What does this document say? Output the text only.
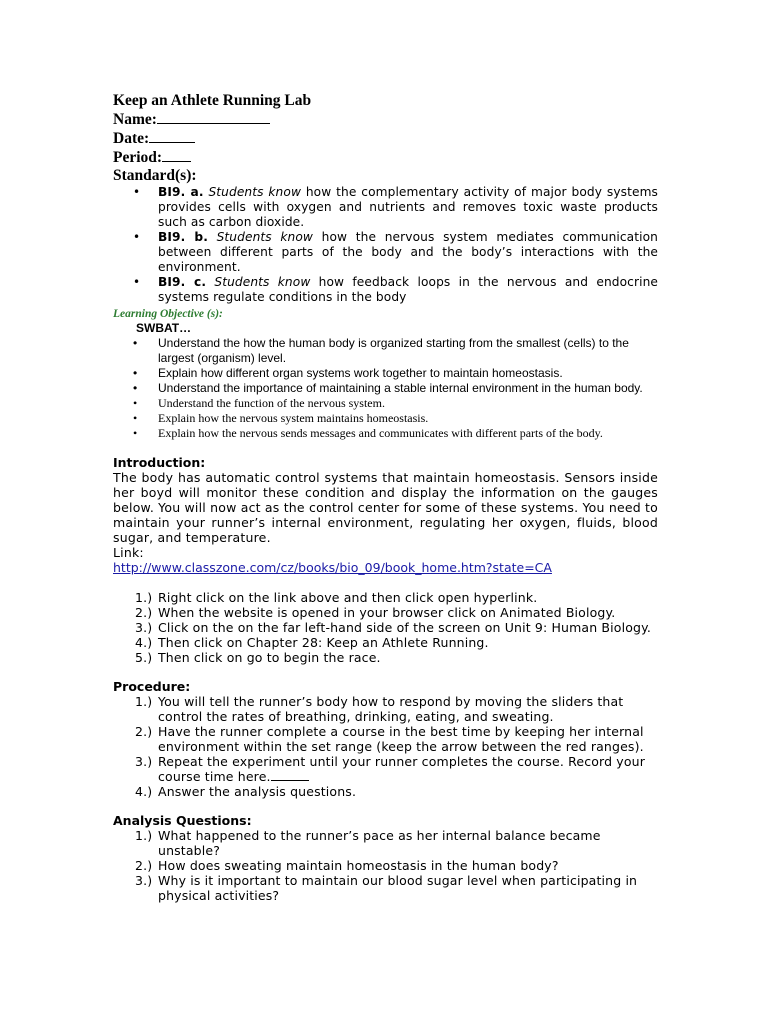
Keep an Athlete Running Lab
Name:
Date:
Period:
Standard(s):
• BI9. a. Students know how the complementary activity of major body systems provides cells with oxygen and nutrients and removes toxic waste products such as carbon dioxide.
• BI9. b. Students know how the nervous system mediates communication between different parts of the body and the body’s interactions with the environment.
• BI9. c. Students know how feedback loops in the nervous and endocrine systems regulate conditions in the body
Learning Objective (s):
SWBAT…
• Understand the how the human body is organized starting from the smallest (cells) to the largest (organism) level.
• Explain how different organ systems work together to maintain homeostasis.
• Understand the importance of maintaining a stable internal environment in the human body.
• Understand the function of the nervous system.
• Explain how the nervous system maintains homeostasis.
• Explain how the nervous sends messages and communicates with different parts of the body.
Introduction:
The body has automatic control systems that maintain homeostasis. Sensors inside her boyd will monitor these condition and display the information on the gauges below. You will now act as the control center for some of these systems. You need to maintain your runner’s internal environment, regulating her oxygen, fluids, blood sugar, and temperature.
Link:
http://www.classzone.com/cz/books/bio_09/book_home.htm?state=CA
1.) Right click on the link above and then click open hyperlink.
2.) When the website is opened in your browser click on Animated Biology.
3.) Click on the on the far left-hand side of the screen on Unit 9: Human Biology.
4.) Then click on Chapter 28: Keep an Athlete Running.
5.) Then click on go to begin the race.
Procedure:
1.) You will tell the runner’s body how to respond by moving the sliders that control the rates of breathing, drinking, eating, and sweating.
2.) Have the runner complete a course in the best time by keeping her internal environment within the set range (keep the arrow between the red ranges).
3.) Repeat the experiment until your runner completes the course. Record your course time here.
4.) Answer the analysis questions.
Analysis Questions:
1.) What happened to the runner’s pace as her internal balance became unstable?
2.) How does sweating maintain homeostasis in the human body?
3.) Why is it important to maintain our blood sugar level when participating in physical activities?
